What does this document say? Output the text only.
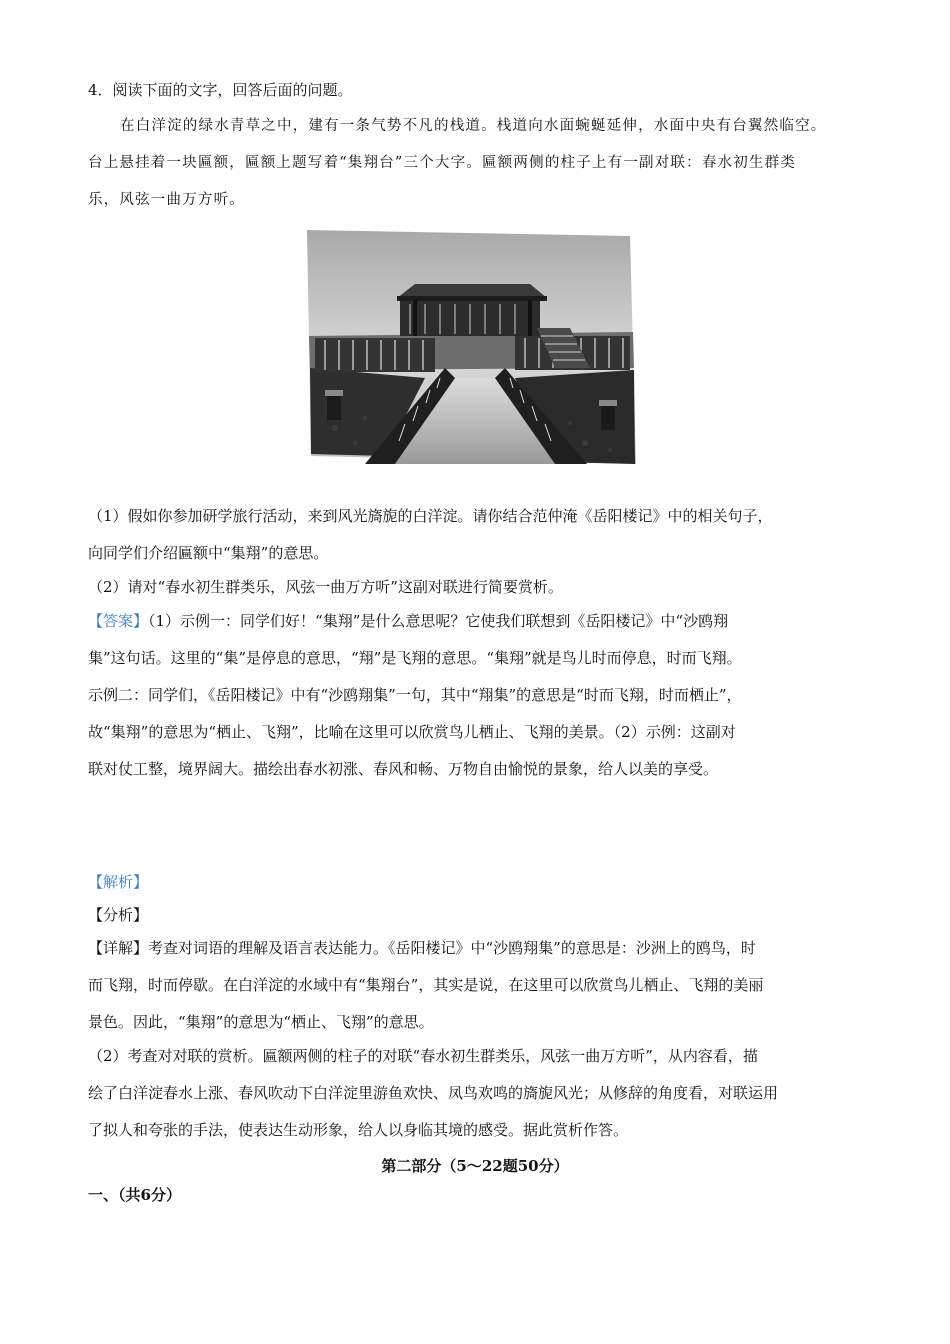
4．阅读下面的文字，回答后面的问题。
在白洋淀的绿水青草之中，建有一条气势不凡的栈道。栈道向水面蜿蜒延伸，水面中央有台翼然临空。
台上悬挂着一块匾额，匾额上题写着“集翔台”三个大字。匾额两侧的柱子上有一副对联：春水初生群类
乐，风弦一曲万方听。
（1）假如你参加研学旅行活动，来到风光旖旎的白洋淀。请你结合范仲淹《岳阳楼记》中的相关句子，
向同学们介绍匾额中“集翔”的意思。
（2）请对“春水初生群类乐，风弦一曲万方听”这副对联进行简要赏析。
【答案】（1）示例一：同学们好！“集翔”是什么意思呢？它使我们联想到《岳阳楼记》中“沙鸥翔
集”这句话。这里的“集”是停息的意思，“翔”是飞翔的意思。“集翔”就是鸟儿时而停息，时而飞翔。
示例二：同学们，《岳阳楼记》中有“沙鸥翔集”一句，其中“翔集”的意思是“时而飞翔，时而栖止”，
故“集翔”的意思为“栖止、飞翔”，比喻在这里可以欣赏鸟儿栖止、飞翔的美景。（2）示例：这副对
联对仗工整，境界阔大。描绘出春水初涨、春风和畅、万物自由愉悦的景象，给人以美的享受。
【解析】
【分析】
【详解】考查对词语的理解及语言表达能力。《岳阳楼记》中“沙鸥翔集”的意思是：沙洲上的鸥鸟，时
而飞翔，时而停歇。在白洋淀的水域中有“集翔台”，其实是说，在这里可以欣赏鸟儿栖止、飞翔的美丽
景色。因此，“集翔”的意思为“栖止、飞翔”的意思。
（2）考查对对联的赏析。匾额两侧的柱子的对联“春水初生群类乐，风弦一曲万方听”，从内容看，描
绘了白洋淀春水上涨、春风吹动下白洋淀里游鱼欢快、凤鸟欢鸣的旖旎风光；从修辞的角度看，对联运用
了拟人和夸张的手法，使表达生动形象，给人以身临其境的感受。据此赏析作答。
第二部分（5～22题50分）
一、（共6分）
